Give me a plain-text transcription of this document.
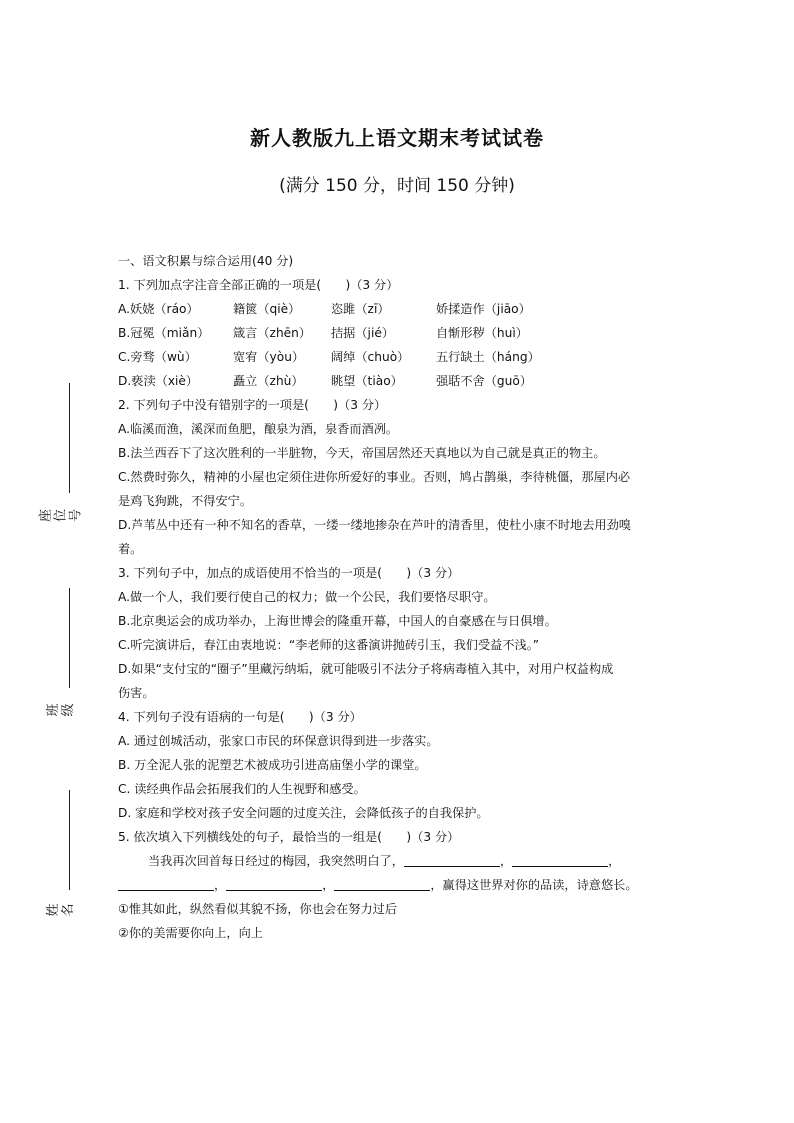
新人教版九上语文期末考试试卷
(满分 150 分，时间 150 分钟)
座位号
班级
姓名
一、语文积累与综合运用(40 分)
1. 下列加点字注音全部正确的一项是(　　)（3 分）
A.妖娆（ráo）	籍篋（qiè）	恣雎（zī）	娇揉造作（jiāo）
B.冠冕（miǎn）	箴言（zhēn）	拮据（jié）	自惭形秽（huì）
C.旁骛（wù）	宽宥（yòu）	阔绰（chuò）	五行缺土（háng）
D.亵渎（xiè）	矗立（zhù）	眺望（tiào）	强聒不舍（guō）
2. 下列句子中没有错别字的一项是(　　)（3 分）
A.临溪而渔，溪深而鱼肥，酿泉为酒，泉香而酒冽。
B.法兰西吞下了这次胜利的一半脏物，今天，帝国居然还天真地以为自己就是真正的物主。
C.然费时弥久，精神的小屋也定须住进你所爱好的事业。否则，鸠占鹊巢，李待桃僵，那屋内必
是鸡飞狗跳，不得安宁。
D.芦苇丛中还有一种不知名的香草，一缕一缕地掺杂在芦叶的清香里，使杜小康不时地去用劲嗅
着。
3. 下列句子中，加点的成语使用不恰当的一项是(　　)（3 分）
A.做一个人，我们要行使自己的权力；做一个公民，我们要恪尽职守。
B.北京奥运会的成功举办，上海世博会的隆重开幕，中国人的自豪感在与日俱增。
C.听完演讲后，春江由衷地说：“李老师的这番演讲抛砖引玉，我们受益不浅。”
D.如果“支付宝的“圈子”里藏污纳垢，就可能吸引不法分子将病毒植入其中，对用户权益构成
伤害。
4. 下列句子没有语病的一句是(　　)（3 分）
A. 通过创城活动，张家口市民的环保意识得到进一步落实。
B. 万全泥人张的泥塑艺术被成功引进高庙堡小学的课堂。
C. 读经典作品会拓展我们的人生视野和感受。
D. 家庭和学校对孩子安全问题的过度关注，会降低孩子的自我保护。
5. 依次填入下列横线处的句子，最恰当的一组是(　　)（3 分）
当我再次回首每日经过的梅园，我突然明白了，	，	，
，	，	，赢得这世界对你的品读，诗意悠长。
①惟其如此，纵然看似其貌不扬，你也会在努力过后
②你的美需要你向上，向上
